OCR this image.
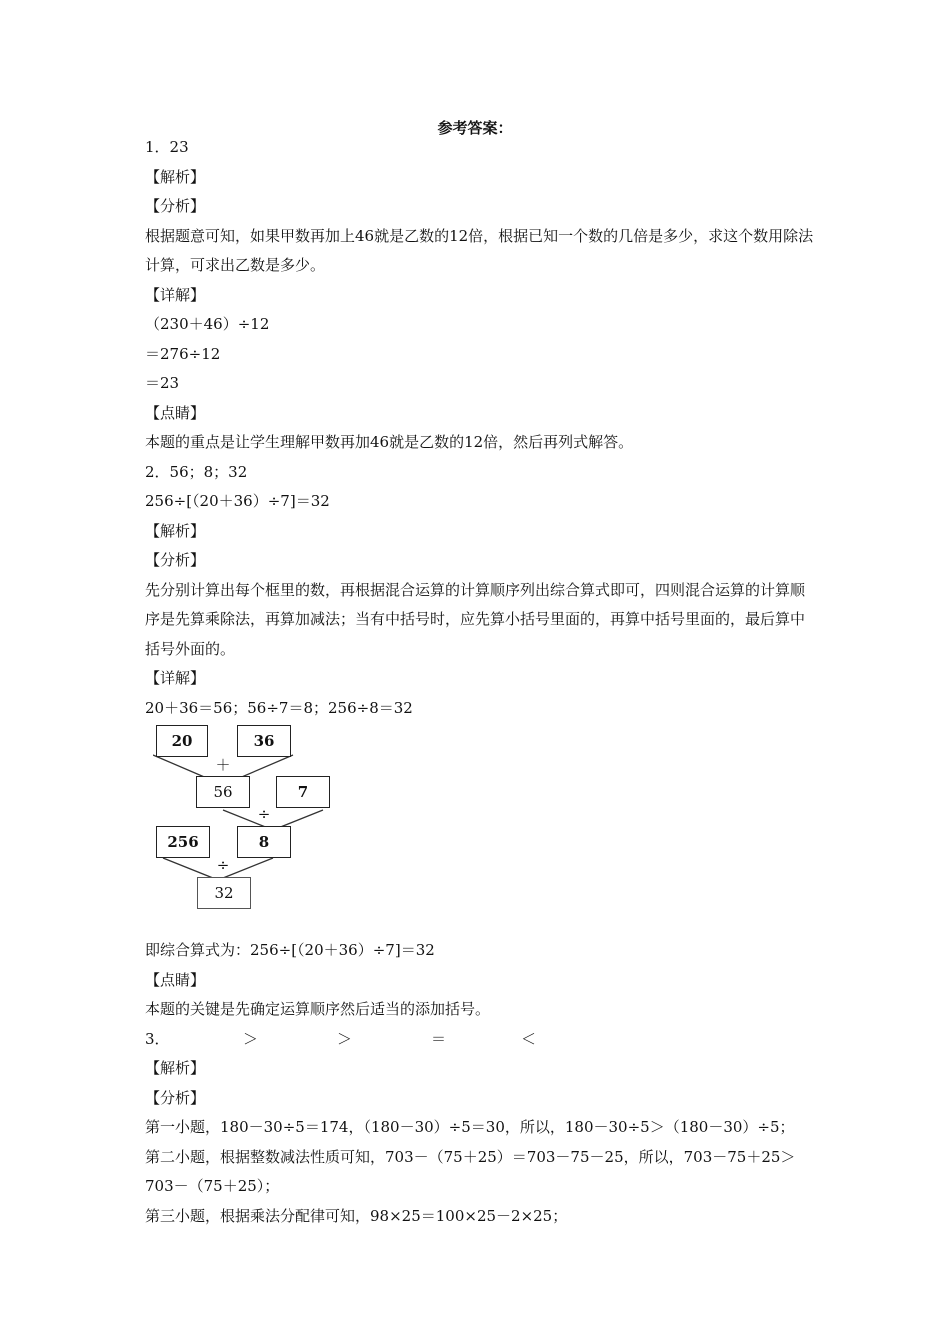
参考答案：
1．23
【解析】
【分析】
根据题意可知，如果甲数再加上46就是乙数的12倍，根据已知一个数的几倍是多少，求这个数用除法计算，可求出乙数是多少。
【详解】
（230＋46）÷12
＝276÷12
＝23
【点睛】
本题的重点是让学生理解甲数再加46就是乙数的12倍，然后再列式解答。
2．56；8；32
256÷[（20＋36）÷7]＝32
【解析】
【分析】
先分别计算出每个框里的数，再根据混合运算的计算顺序列出综合算式即可，四则混合运算的计算顺序是先算乘除法，再算加减法；当有中括号时，应先算小括号里面的，再算中括号里面的，最后算中括号外面的。
【详解】
20＋36＝56；56÷7＝8；256÷8＝32
20	36
＋
56	7
÷
256	8
÷
32
即综合算式为：256÷[（20＋36）÷7]＝32
【点睛】
本题的关键是先确定运算顺序然后适当的添加括号。
3．	＞	＞	＝	＜
【解析】
【分析】
第一小题，180－30÷5＝174，（180－30）÷5＝30，所以，180－30÷5＞（180－30）÷5；
第二小题，根据整数减法性质可知，703－（75＋25）＝703－75－25，所以，703－75＋25＞703－（75＋25）；
第三小题，根据乘法分配律可知，98×25＝100×25－2×25；
